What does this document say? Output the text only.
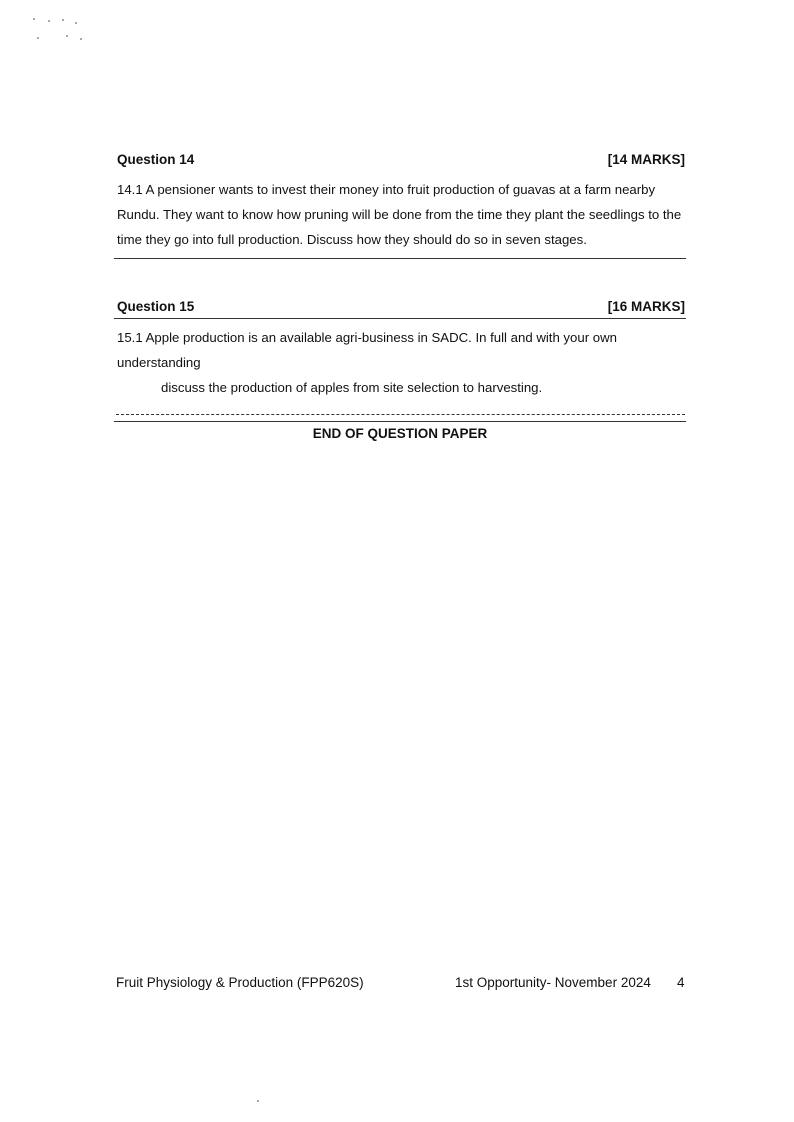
Question 14	[14 MARKS]
14.1 A pensioner wants to invest their money into fruit production of guavas at a farm nearby Rundu. They want to know how pruning will be done from the time they plant the seedlings to the time they go into full production. Discuss how they should do so in seven stages.
Question 15	[16 MARKS]
15.1 Apple production is an available agri-business in SADC. In full and with your own understanding
discuss the production of apples from site selection to harvesting.
END OF QUESTION PAPER
Fruit Physiology & Production (FPP620S)	1st Opportunity- November 2024 4
